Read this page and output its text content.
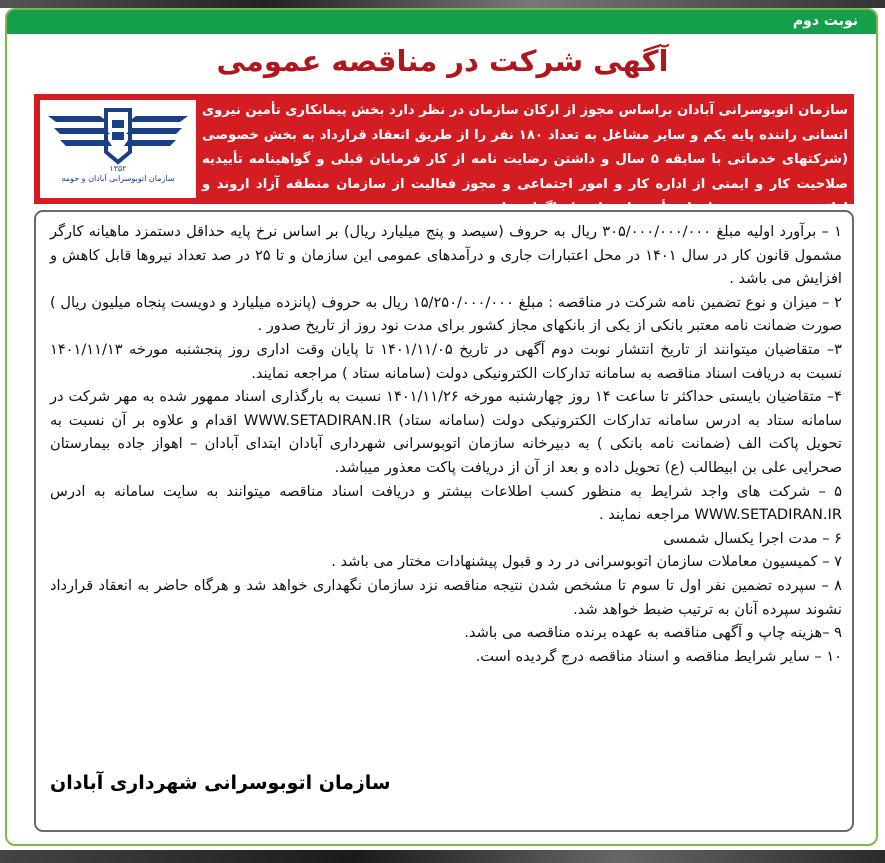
نوبت دوم
آگهی شرکت در مناقصه عمومی
سازمان اتوبوسرانی آبادان براساس مجوز از ارکان سازمان در نظر دارد بخش پیمانکاری تأمین نیروی انسانی راننده پایه یکم و سایر مشاغل به تعداد ۱۸۰ نفر را از طریق انعقاد قرارداد به بخش خصوصی (شرکتهای خدماتی با سابقه ۵ سال و داشتن رضایت نامه از کار فرمایان قبلی و گواهینامه تأییدیه صلاحیت کار و ایمنی از اداره کار و امور اجتماعی و مجوز فعالیت از سازمان منطقه آزاد اروند و ارائه عدم بدهی به سازمان تأمین اجتماعی) واگذار نماید .
۱۳۵۲
سازمان اتوبوسرانی آبادان و حومه

۱ – برآورد اولیه مبلغ ۳۰۵/۰۰۰/۰۰۰/۰۰۰ ریال به حروف (سیصد و پنج میلیارد ریال) بر اساس نرخ پایه حداقل دستمزد ماهیانه کارگر مشمول قانون کار در سال ۱۴۰۱ در محل اعتبارات جاری و درآمدهای عمومی این سازمان و تا ۲۵ در صد تعداد نیروها قابل کاهش و افزایش می باشد .

۲ – میزان و نوع تضمین نامه شرکت در مناقصه : مبلغ ۱۵/۲۵۰/۰۰۰/۰۰۰ ریال به حروف (پانزده میلیارد و دویست پنجاه میلیون ریال ) صورت ضمانت نامه معتبر بانکی از یکی از بانکهای مجاز کشور برای مدت نود روز از تاریخ صدور .

۳– متقاضیان میتوانند از تاریخ انتشار نوبت دوم آگهی در تاریخ ۱۴۰۱/۱۱/۰۵ تا پایان وقت اداری روز پنجشنبه مورخه ۱۴۰۱/۱۱/۱۳ نسبت به دریافت اسناد مناقصه به سامانه تدارکات الکترونیکی دولت (سامانه ستاد ) مراجعه نمایند.

۴– متقاضیان بایستی حداکثر تا ساعت ۱۴ روز چهارشنبه مورخه ۱۴۰۱/۱۱/۲۶ نسبت به بارگذاری اسناد ممهور شده به مهر شرکت در سامانه ستاد به ادرس سامانه تدارکات الکترونیکی دولت (سامانه ستاد) WWW.SETADIRAN.IR اقدام و علاوه بر آن نسبت به تحویل پاکت الف (ضمانت نامه بانکی ) به دبیرخانه سازمان اتوبوسرانی شهرداری آبادان ابتدای آبادان – اهواز جاده بیمارستان صحرایی علی بن ابیطالب (ع) تحویل داده و بعد از آن از دریافت پاکت معذور میباشد.

۵ – شرکت های واجد شرایط به منظور کسب اطلاعات بیشتر و دریافت اسناد مناقصه میتوانند به سایت سامانه به ادرس WWW.SETADIRAN.IR مراجعه نمایند .

۶ – مدت اجرا یکسال شمسی

۷ – کمیسیون معاملات سازمان اتوبوسرانی در رد و قبول پیشنهادات مختار می باشد .

۸ – سپرده تضمین نفر اول تا سوم تا مشخص شدن نتیجه مناقصه نزد سازمان نگهداری خواهد شد و هرگاه حاضر به انعقاد قرارداد نشوند سپرده آنان به ترتیب ضبط خواهد شد.

۹ –هزینه چاپ و آگهی مناقصه به عهده برنده مناقصه می باشد.

۱۰ – سایر شرایط مناقصه و اسناد مناقصه درج گردیده است.

سازمان اتوبوسرانی شهرداری آبادان
